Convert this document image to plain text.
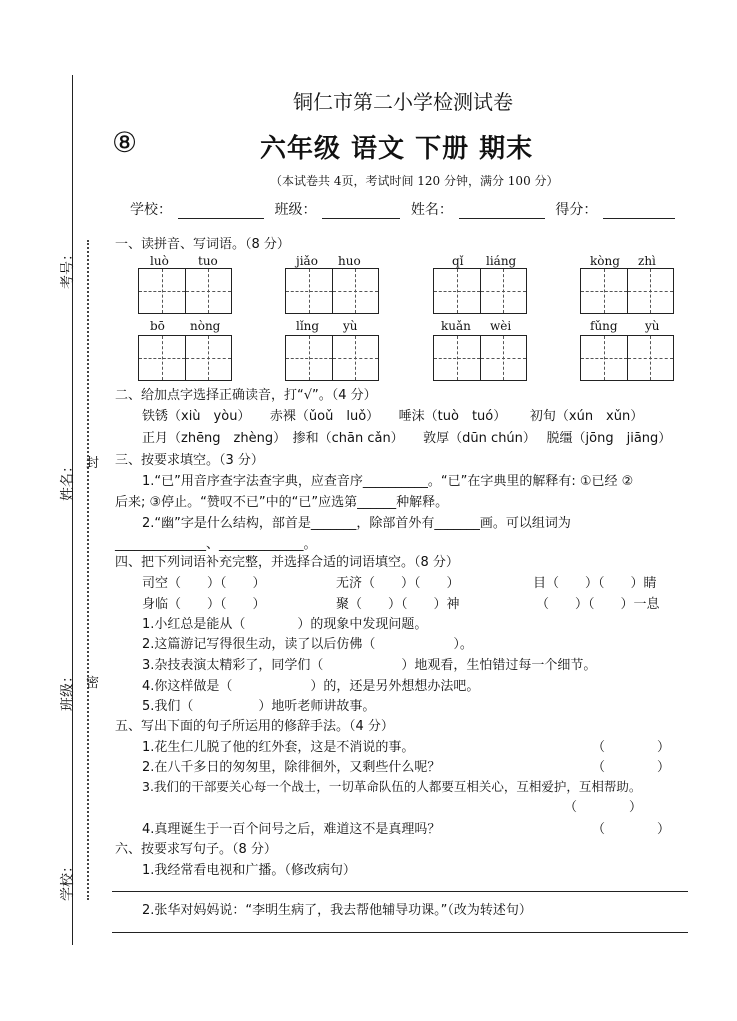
考号：
姓名：
班级：
学校：
封
密
铜仁市第二小学检测试卷
⑧	六年级 语文 下册 期末
（本试卷共 4页，考试时间 120 分钟，满分 100 分）
学校：	班级：	姓名：	得分：
一、读拼音、写词语。（8 分）
luò tuo	jiǎo huo	qǐ liáng	kòng zhì
bō nòng	lǐng yù	kuǎn wèi	fǔng yù
二、给加点字选择正确读音，打“√”。（4 分）
铁锈（xiù　yòu）　　赤裸（ǔoǔ　luǒ）　　唾沫（tuò　tuó）　　 初旬（xún　xǔn）
正月（zhēng　zhèng）　掺和（chān cǎn）　　敦厚（dūn chún）　 脱缰（jōng　jiāng）
三、按要求填空。（3 分）
1.“已”用音序查字法查字典，应查音序__________。“已”在字典里的解释有: ①已经 ②
后来; ③停止。“赞叹不已”中的“已”应选第______种解释。
2.“幽”字是什么结构，部首是_______，除部首外有_______画。可以组词为
______________、_____________。
四、把下列词语补充完整，并选择合适的词语填空。（8 分）
司空（　　）（　　）	无济（　　）（　　）	目（　　）（　　）睛
身临（　　）（　　）	聚（　　）（　　）神	（　　）（　　）一息
1.小红总是能从（　　　　）的现象中发现问题。
2.这篇游记写得很生动，读了以后仿佛（　　　　　　）。
3.杂技表演太精彩了，同学们（　　　　　　）地观看，生怕错过每一个细节。
4.你这样做是（　　　　　　）的，还是另外想想办法吧。
5.我们（　　　　　）地听老师讲故事。
五、写出下面的句子所运用的修辞手法。（4 分）
1.花生仁儿脱了他的红外套，这是不消说的事。	（　　　　）
2.在八千多日的匆匆里，除徘徊外，又剩些什么呢？	（　　　　）
3.我们的干部要关心每一个战士，一切革命队伍的人都要互相关心，互相爱护，互相帮助。
（　　　　）
4.真理诞生于一百个问号之后，难道这不是真理吗？	（　　　　）
六、按要求写句子。（8 分）
1.我经常看电视和广播。（修改病句）
2.张华对妈妈说：“李明生病了，我去帮他辅导功课。”（改为转述句）
